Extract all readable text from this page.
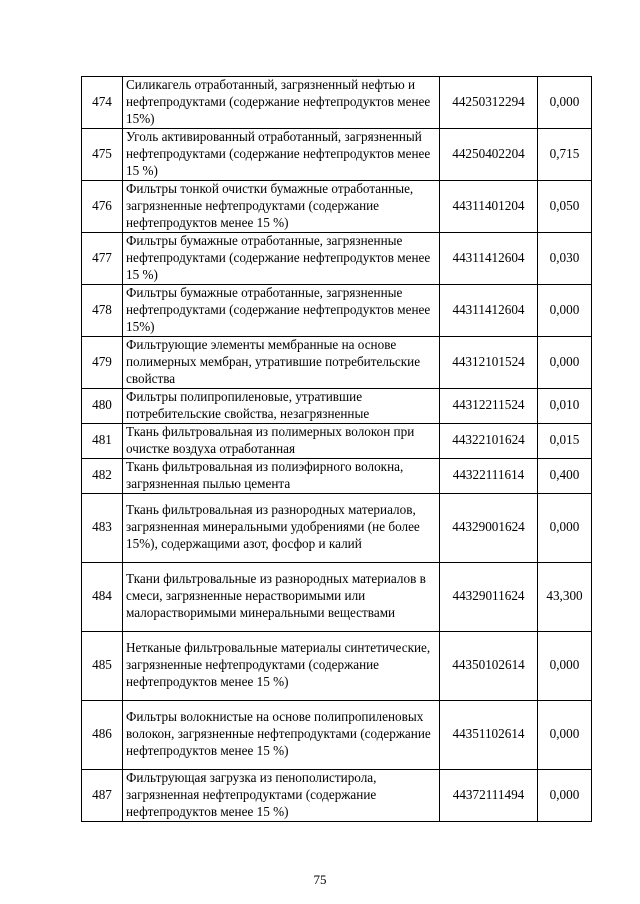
474	Силикагель отработанный, загрязненный нефтью и нефтепродуктами (содержание нефтепродуктов менее 15%)	44250312294	0,000
475	Уголь активированный отработанный, загрязненный нефтепродуктами (содержание нефтепродуктов менее 15 %)	44250402204	0,715
476	Фильтры тонкой очистки бумажные отработанные, загрязненные нефтепродуктами (содержание нефтепродуктов менее 15 %)	44311401204	0,050
477	Фильтры бумажные отработанные, загрязненные нефтепродуктами (содержание нефтепродуктов менее 15 %)	44311412604	0,030
478	Фильтры бумажные отработанные, загрязненные нефтепродуктами (содержание нефтепродуктов менее 15%)	44311412604	0,000
479	Фильтрующие элементы мембранные на основе полимерных мембран, утратившие потребительские свойства	44312101524	0,000
480	Фильтры полипропиленовые, утратившие потребительские свойства, незагрязненные	44312211524	0,010
481	Ткань фильтровальная из полимерных волокон при очистке воздуха отработанная	44322101624	0,015
482	Ткань фильтровальная из полиэфирного волокна, загрязненная пылью цемента	44322111614	0,400
483	Ткань фильтровальная из разнородных материалов, загрязненная минеральными удобрениями (не более 15%), содержащими азот, фосфор и калий	44329001624	0,000
484	Ткани фильтровальные из разнородных материалов в смеси, загрязненные нерастворимыми или малорастворимыми минеральными веществами	44329011624	43,300
485	Нетканые фильтровальные материалы синтетические, загрязненные нефтепродуктами (содержание нефтепродуктов менее 15 %)	44350102614	0,000
486	Фильтры волокнистые на основе полипропиленовых волокон, загрязненные нефтепродуктами (содержание нефтепродуктов менее 15 %)	44351102614	0,000
487	Фильтрующая загрузка из пенополистирола, загрязненная нефтепродуктами (содержание нефтепродуктов менее 15 %)	44372111494	0,000
75
